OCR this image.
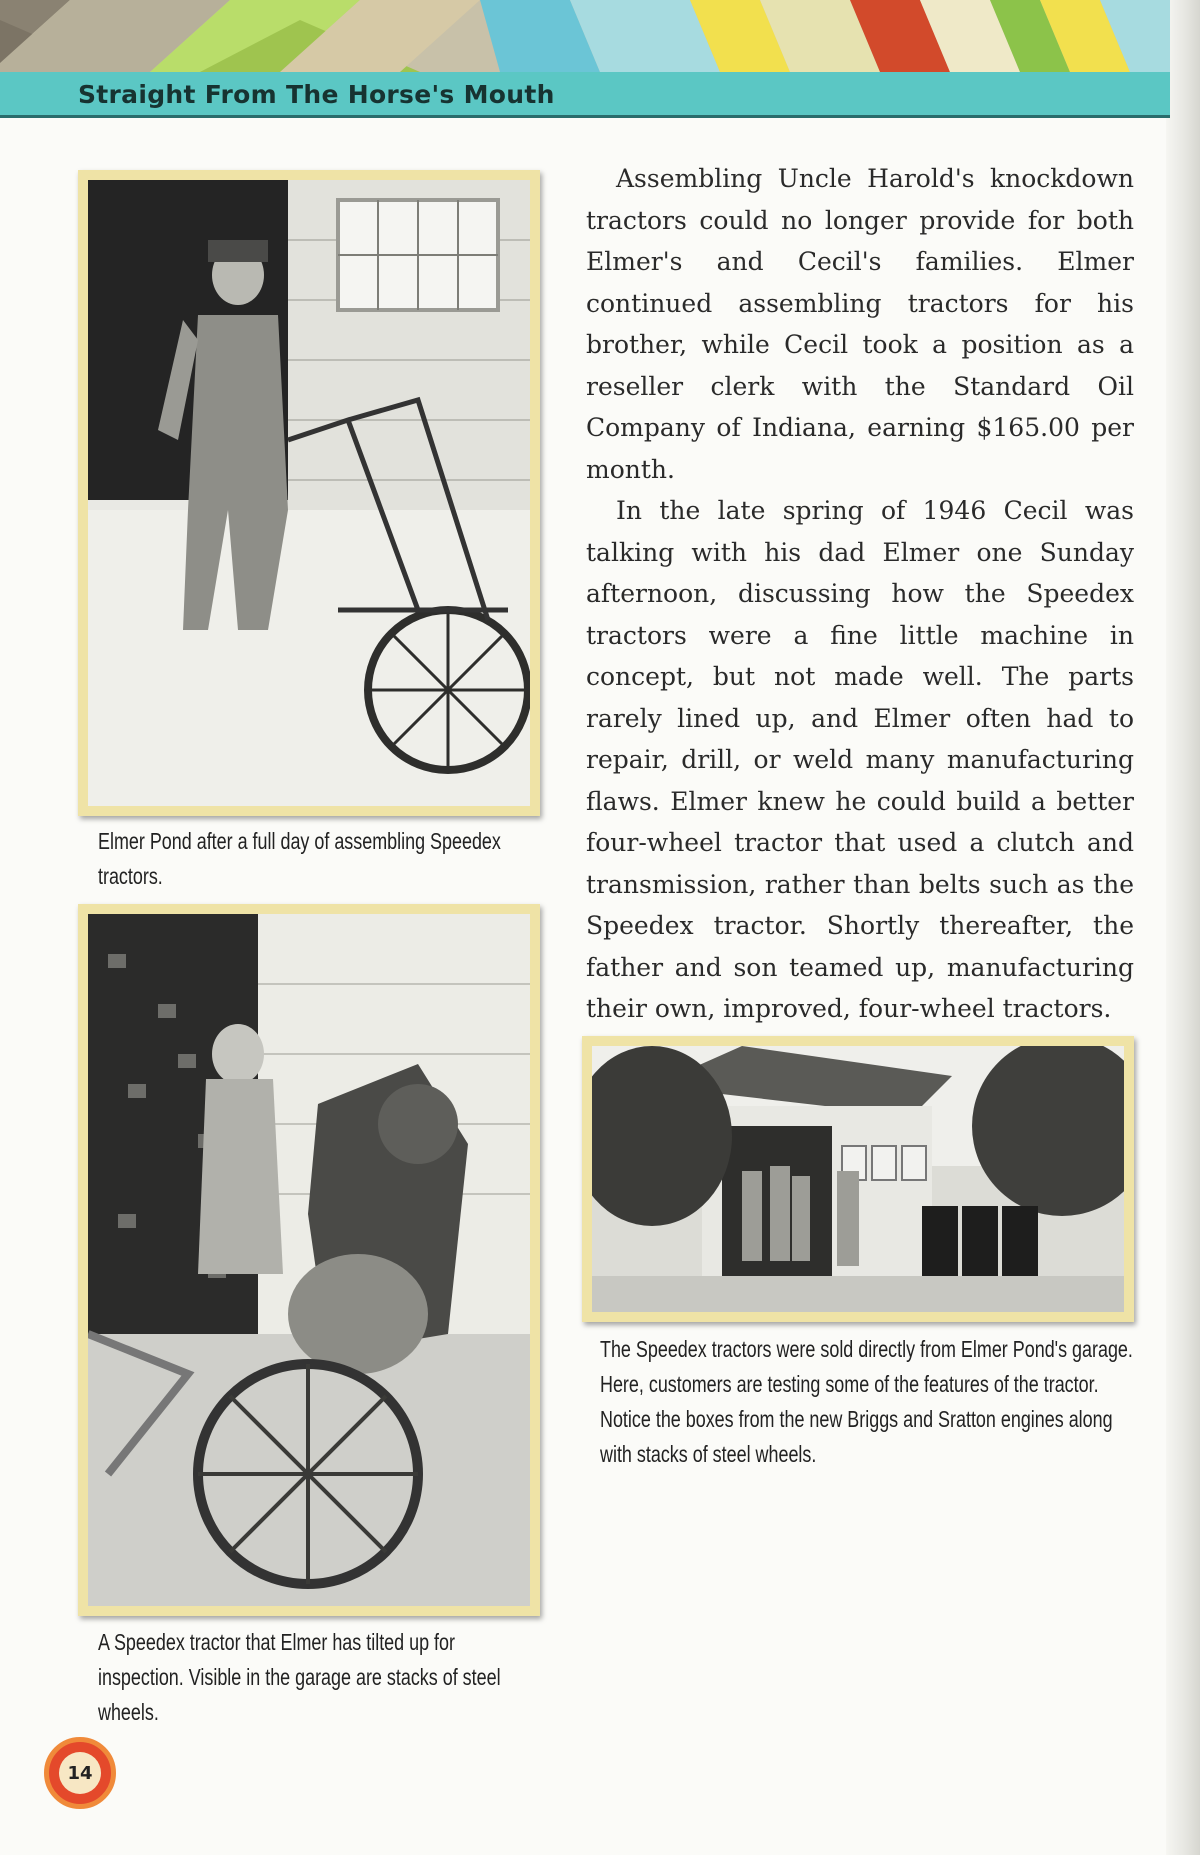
Straight From The Horse's Mouth
Elmer Pond after a full day of assembling Speedex tractors.
A Speedex tractor that Elmer has tilted up for inspection. Visible in the garage are stacks of steel wheels.
The Speedex tractors were sold directly from Elmer Pond's garage. Here, customers are testing some of the features of the tractor. Notice the boxes from the new Briggs and Sratton engines along with stacks of steel wheels.

Assembling Uncle Harold's knockdown tractors could no longer provide for both Elmer's and Cecil's families. Elmer continued assembling tractors for his brother, while Cecil took a position as a reseller clerk with the Standard Oil Company of Indiana, earning $165.00 per month.

In the late spring of 1946 Cecil was talking with his dad Elmer one Sunday afternoon, discussing how the Speedex tractors were a fine little machine in concept, but not made well. The parts rarely lined up, and Elmer often had to repair, drill, or weld many manufacturing flaws. Elmer knew he could build a better four-wheel tractor that used a clutch and transmission, rather than belts such as the Speedex tractor. Shortly thereafter, the father and son teamed up, manufacturing their own, improved, four-wheel tractors.

14
